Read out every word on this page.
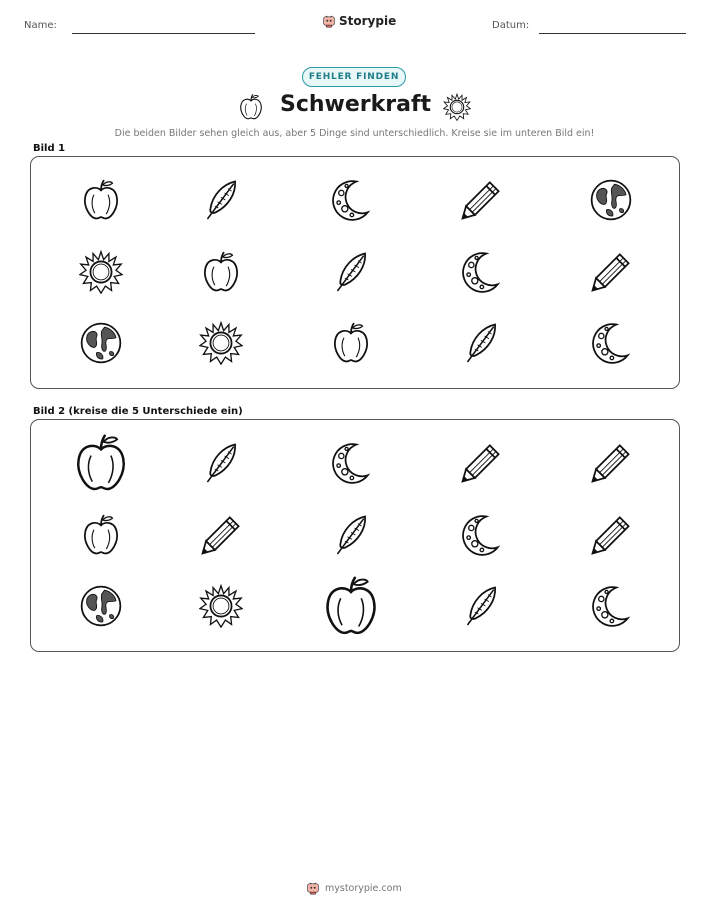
Name:	Storypie	Datum:
FEHLER FINDEN
Schwerkraft
Die beiden Bilder sehen gleich aus, aber 5 Dinge sind unterschiedlich. Kreise sie im unteren Bild ein!
Bild 1
Bild 2 (kreise die 5 Unterschiede ein)
mystorypie.com
